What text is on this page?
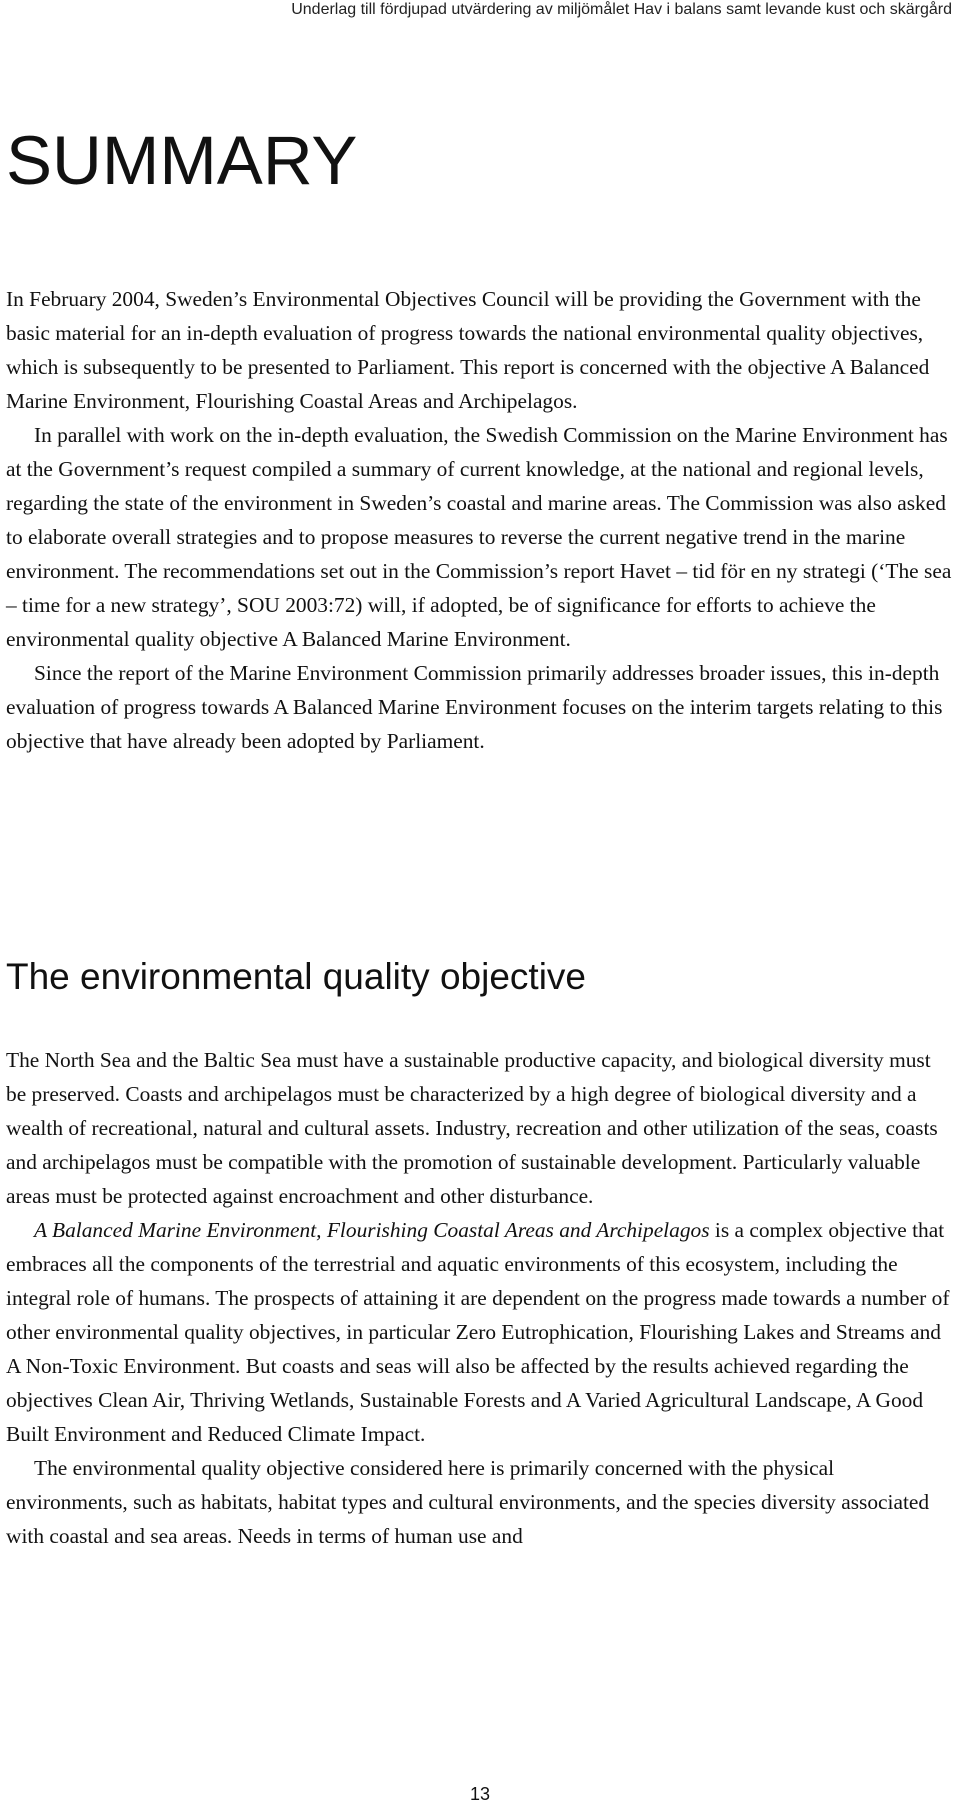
Underlag till fördjupad utvärdering av miljömålet Hav i balans samt levande kust och skärgård
SUMMARY

In February 2004, Sweden’s Environmental Objectives Council will be providing the Government with the basic material for an in-depth evaluation of progress towards the national environmental quality objectives, which is subsequently to be presented to Parliament. This report is concerned with the objective A Balanced Marine Environment, Flourishing Coastal Areas and Archipelagos.

In parallel with work on the in-depth evaluation, the Swedish Commission on the Marine Environment has at the Government’s request compiled a summary of current knowledge, at the national and regional levels, regarding the state of the environment in Sweden’s coastal and marine areas. The Commission was also asked to elaborate overall strategies and to propose measures to reverse the current negative trend in the marine environment. The recommendations set out in the Commission’s report Havet – tid för en ny strategi (‘The sea – time for a new strategy’, SOU 2003:72) will, if adopted, be of significance for efforts to achieve the environmental quality objective A Balanced Marine Environment.

Since the report of the Marine Environment Commission primarily addresses broader issues, this in-depth evaluation of progress towards A Balanced Marine Environment focuses on the interim targets relating to this objective that have already been adopted by Parliament.

The environmental quality objective

The North Sea and the Baltic Sea must have a sustainable productive capacity, and biological diversity must be preserved. Coasts and archipelagos must be characterized by a high degree of biological diversity and a wealth of recreational, natural and cultural assets. Industry, recreation and other utilization of the seas, coasts and archipelagos must be compatible with the promotion of sustainable development. Particularly valuable areas must be protected against encroachment and other disturbance.

A Balanced Marine Environment, Flourishing Coastal Areas and Archipelagos is a complex objective that embraces all the components of the terrestrial and aquatic environments of this ecosystem, including the integral role of humans. The prospects of attaining it are dependent on the progress made towards a number of other environmental quality objectives, in particular Zero Eutrophication, Flourishing Lakes and Streams and A Non-Toxic Environment. But coasts and seas will also be affected by the results achieved regarding the objectives Clean Air, Thriving Wetlands, Sustainable Forests and A Varied Agricultural Landscape, A Good Built Environment and Reduced Climate Impact.

The environmental quality objective considered here is primarily concerned with the physical environments, such as habitats, habitat types and cultural environments, and the species diversity associated with coastal and sea areas. Needs in terms of human use and

13
